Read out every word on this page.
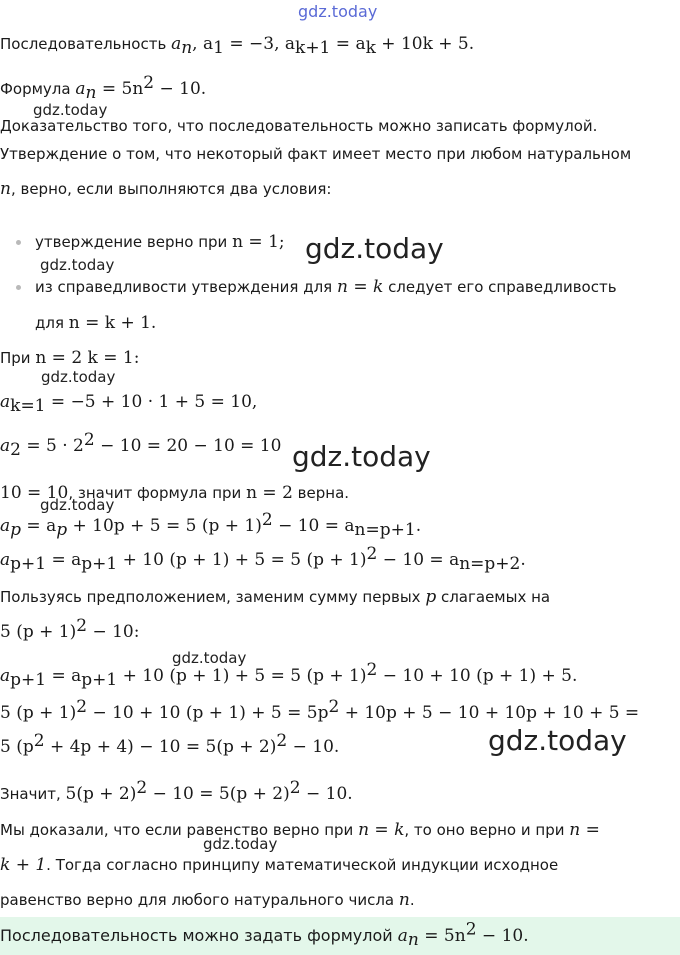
gdz.today
gdz.today
gdz.today
gdz.today
gdz.today
gdz.today
gdz.today
gdz.today
gdz.today
gdz.today
Последовательность $a_n$, $a_1 = -3$, $a_{k+1} = a_k + 10k + 5$.
Формула $a_n = 5n^2 - 10$.
Доказательство того, что последовательность можно записать формулой.
Утверждение о том, что некоторый факт имеет место при любом натуральном
n, верно, если выполняются два условия:
утверждение верно при n = 1;
из справедливости утверждения для n = k следует его справедливость
для n = k + 1.
При n = 2 k = 1:
$a_{k=1} = -5 + 10 \cdot 1 + 5 = 10$,
$a_2 = 5 \cdot 2^2 - 10 = 20 - 10 = 10$
10 = 10, значит формула при n = 2 верна.
$a_p = a_p + 10p + 5 = 5$ $(p + 1)^2 - 10 = a_{n=p+1}$.
$a_{p+1} = a_{p+1} + 10$ (p + 1) + 5 = 5 $(p + 1)^2 - 10 = a_{n=p+2}$.
Пользуясь предположением, заменим сумму первых p слагаемых на
5 $(p + 1)^2 - 10$:
$a_{p+1} = a_{p+1} + 10$ (p + 1) + 5 = 5 $(p + 1)^2 - 10 + 10$ (p + 1) + 5.
5 $(p + 1)^2 - 10 + 10$ $(p + 1) + 5 = 5p^2 + 10p + 5 - 10 + 10p + 10 + 5$ =
5 $(p^2 + 4p + 4) - 10 = 5(p + 2)^2 - 10$.
Значит, $5(p + 2)^2 - 10 = 5(p + 2)^2 - 10$.
Мы доказали, что если равенство верно при n = k, то оно верно и при n =
k + 1. Тогда согласно принципу математической индукции исходное
равенство верно для любого натурального числа n.
Последовательность можно задать формулой $a_n = 5n^2 - 10$.
